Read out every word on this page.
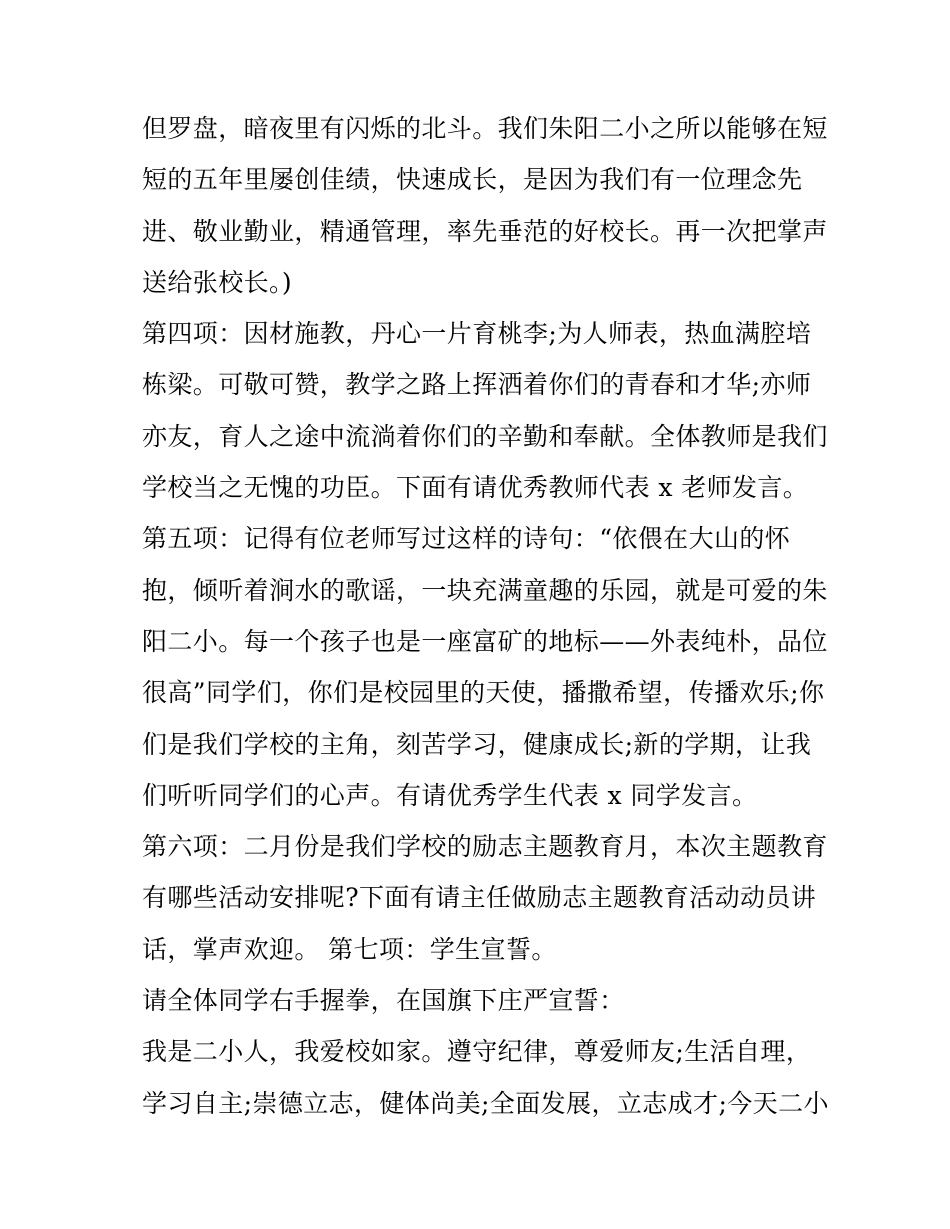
但罗盘，暗夜里有闪烁的北斗。我们朱阳二小之所以能够在短
短的五年里屡创佳绩，快速成长，是因为我们有一位理念先
进、敬业勤业，精通管理，率先垂范的好校长。再一次把掌声
送给张校长。)
第四项：因材施教，丹心一片育桃李;为人师表，热血满腔培
栋梁。可敬可赞，教学之路上挥洒着你们的青春和才华;亦师
亦友，育人之途中流淌着你们的辛勤和奉献。全体教师是我们
学校当之无愧的功臣。下面有请优秀教师代表 x 老师发言。
第五项：记得有位老师写过这样的诗句：“依偎在大山的怀
抱，倾听着涧水的歌谣，一块充满童趣的乐园，就是可爱的朱
阳二小。每一个孩子也是一座富矿的地标——外表纯朴，品位
很高”同学们，你们是校园里的天使，播撒希望，传播欢乐;你
们是我们学校的主角，刻苦学习，健康成长;新的学期，让我
们听听同学们的心声。有请优秀学生代表 x 同学发言。
第六项：二月份是我们学校的励志主题教育月，本次主题教育
有哪些活动安排呢?下面有请主任做励志主题教育活动动员讲
话，掌声欢迎。 第七项：学生宣誓。
请全体同学右手握拳，在国旗下庄严宣誓：
我是二小人，我爱校如家。遵守纪律，尊爱师友;生活自理，
学习自主;崇德立志，健体尚美;全面发展，立志成才;今天二小
